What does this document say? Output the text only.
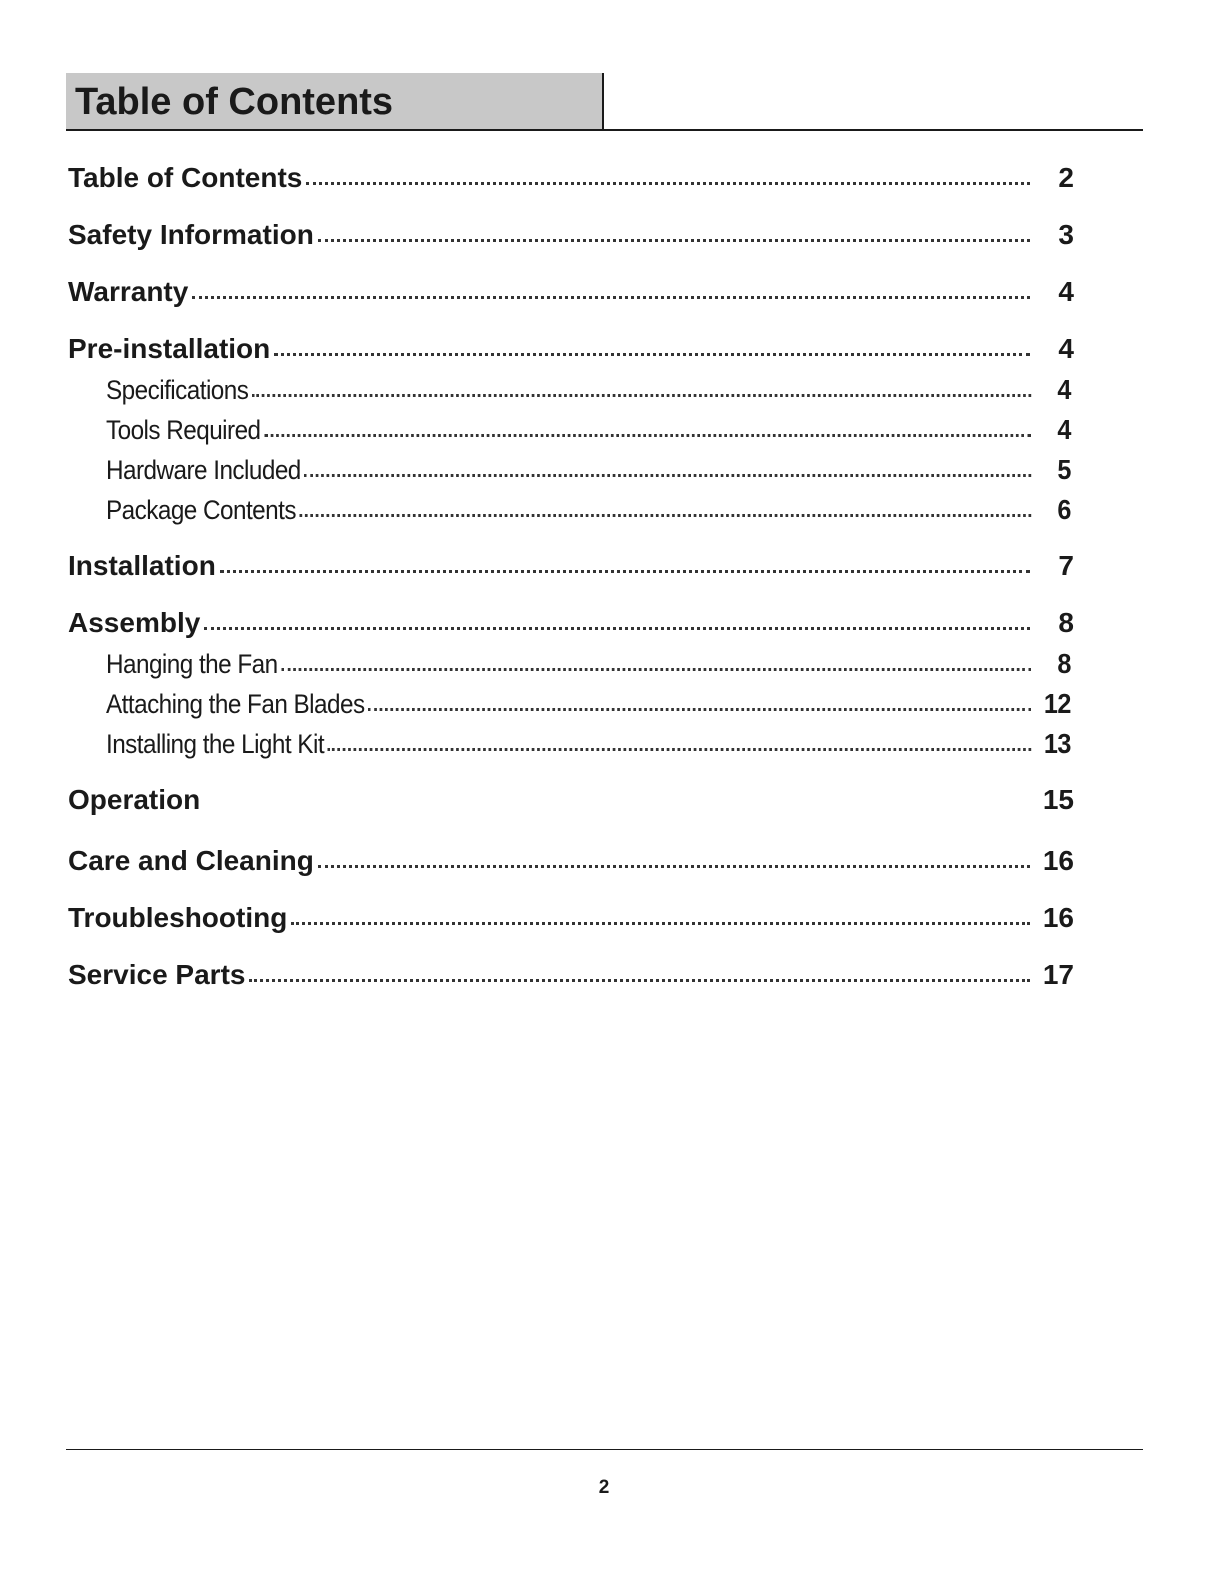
Table of Contents
Table of Contents	2
Safety Information	3
Warranty	4
Pre-installation	4
Specifications	4
Tools Required	4
Hardware Included	5
Package Contents	6
Installation	7
Assembly	8
Hanging the Fan	8
Attaching the Fan Blades	12
Installing the Light Kit	13
Operation	15
Care and Cleaning	16
Troubleshooting	16
Service Parts	17
2
